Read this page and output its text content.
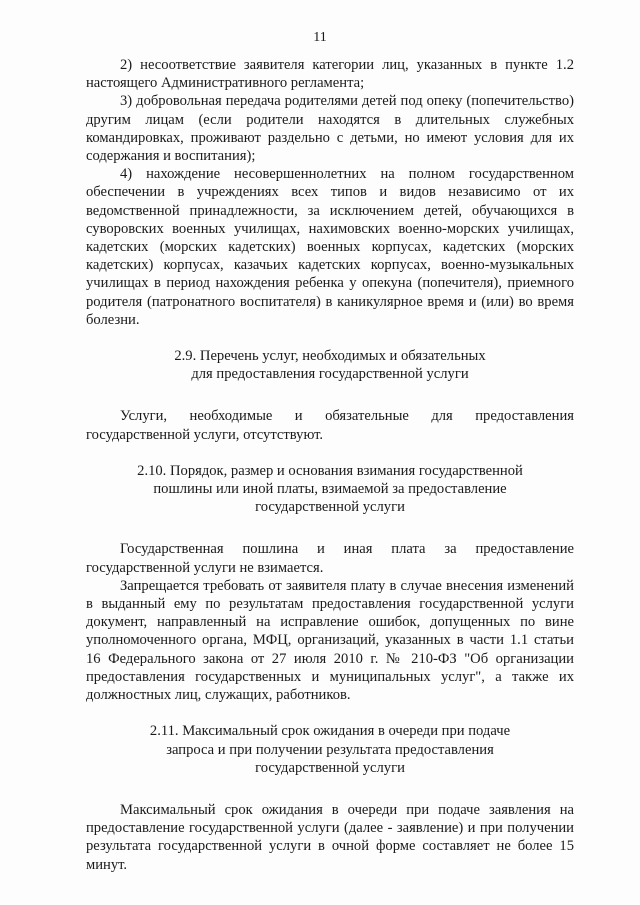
11

2) несоответствие заявителя категории лиц, указанных в пункте 1.2 настоящего Административного регламента;

3) добровольная передача родителями детей под опеку (попечительство) другим лицам (если родители находятся в длительных служебных командировках, проживают раздельно с детьми, но имеют условия для их содержания и воспитания);

4) нахождение несовершеннолетних на полном государственном обеспечении в учреждениях всех типов и видов независимо от их ведомственной принадлежности, за исключением детей, обучающихся в суворовских военных училищах, нахимовских военно-морских училищах, кадетских (морских кадетских) военных корпусах, кадетских (морских кадетских) корпусах, казачьих кадетских корпусах, военно-музыкальных училищах в период нахождения ребенка у опекуна (попечителя), приемного родителя (патронатного воспитателя) в каникулярное время и (или) во время болезни.

2.9. Перечень услуг, необходимых и обязательных

для предоставления государственной услуги

Услуги, необходимые и обязательные для предоставления государственной услуги, отсутствуют.

2.10. Порядок, размер и основания взимания государственной

пошлины или иной платы, взимаемой за предоставление

государственной услуги

Государственная пошлина и иная плата за предоставление государственной услуги не взимается.

Запрещается требовать от заявителя плату в случае внесения изменений в выданный ему по результатам предоставления государственной услуги документ, направленный на исправление ошибок, допущенных по вине уполномоченного органа, МФЦ, организаций, указанных в части 1.1 статьи 16 Федерального закона от 27 июля 2010 г. № 210-ФЗ "Об организации предоставления государственных и муниципальных услуг", а также их должностных лиц, служащих, работников.

2.11. Максимальный срок ожидания в очереди при подаче

запроса и при получении результата предоставления

государственной услуги

Максимальный срок ожидания в очереди при подаче заявления на предоставление государственной услуги (далее - заявление) и при получении результата государственной услуги в очной форме составляет не более 15 минут.
